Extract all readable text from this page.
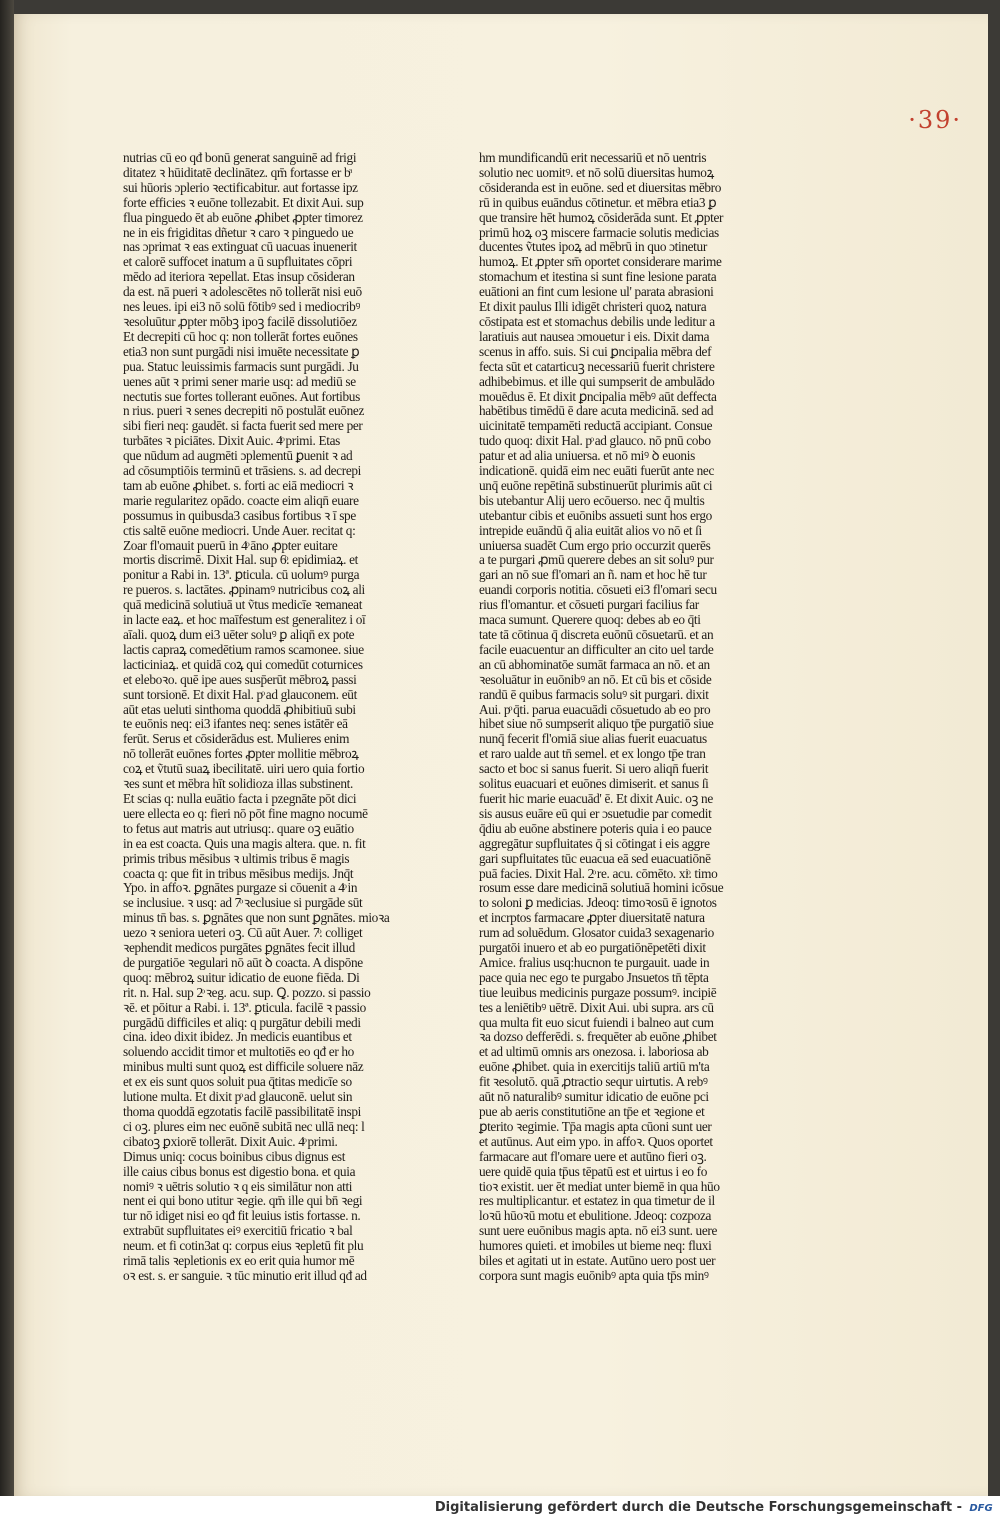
·39·
nutrias cū eo qđ bonū generat sanguinē ad frigi
ditatez ꝛ hūiditatē declinātez. qm̄ fortasse er bͣ
sui hūoris ɔplerio ꝛectificabitur. aut fortasse ipz
forte efficies ꝛ euōne tollezabit. Et dixit Aui. sup
flua pinguedo ēt ab euōne ꝓhibet ꝓpter timorez
ne in eis frigiditas dñetur ꝛ caro ꝛ pinguedo ue
nas ɔprimat ꝛ eas extinguat cū uacuas inuenerit
et calorē suffocet inatum a ū supfluitates cōpri
mēdo ad iteriora ꝛepellat. Etas insup cōsideran
da est. nā pueri ꝛ adolescētes nō tollerāt nisi euō
nes leues. ipi ei3 nō solū fōtibꝰ sed i mediocribꝰ
ꝛesoluūtur ꝓpter mōbꝫ ipoꝫ facilē dissolutiōez
Et decrepiti cū hoc q: non tollerāt fortes euōnes
etia3 non sunt purgādi nisi imuēte necessitate ꝑ
pua. Statuc leuissimis farmacis sunt purgādi. Ju
uenes aūt ꝛ primi sener marie usq: ad mediū se
nectutis sue fortes tollerant euōnes. Aut fortibus
n rius. pueri ꝛ senes decrepiti nō postulāt euōnez
sibi fieri neq: gaudēt. si facta fuerit sed mere per
turbātes ꝛ piciātes. Dixit Auic. 4ͦ primi. Etas
que nūdum ad augmēti ɔplementū ꝑuenit ꝛ ad
ad cōsumptiōis terminū et trāsiens. s. ad decrepi
tam ab euōne ꝓhibet. s. forti ac eiā mediocri ꝛ
marie regularitez opādo. coacte eim aliqn̄ euare
possumus in quibusda3 casibus fortibus ꝛ ī spe
ctis saltē euōne mediocri. Unde Auer. recitat q:
Zoar fl'omauit puerū in 4ͦ āno ꝓpter euitare
mortis discrimē. Dixit Hal. sup 6ͦ. epidimiaꝝ. et
ponitur a Rabi in. 13ª. ꝑticula. cū uolumꝰ purga
re pueros. s. lactātes. ꝓpinamꝰ nutricibus coꝝ ali
quā medicinā solutiuā ut ṽtus medicīe ꝛemaneat
in lacte eaꝝ. et hoc maīfestum est generalitez i oī
aīali. quoꝝ dum ei3 uēter soluꝰ ꝑ aliqn̄ ex pote
lactis capraꝝ comedētium ramos scamonee. siue
lacticiniaꝝ. et quidā coꝝ qui comedūt coturnices
et eleboꝛo. quē ipe aues susp̄erūt mēbroꝝ passi
sunt torsionē. Et dixit Hal. pͦ ad glauconem. eūt
aūt etas ueluti sinthoma quoddā ꝓhibitiuū subi
te euōnis neq: ei3 ifantes neq: senes istātēr eā
ferūt. Serus et cōsiderādus est. Mulieres enim
nō tollerāt euōnes fortes ꝓpter mollitie mēbroꝝ
coꝝ et ṽtutū suaꝝ ibecilitatē. uiri uero quia fortio
ꝛes sunt et mēbra hīt solidioza illas substinent.
Et scias q: nulla euātio facta i pzegnāte pōt dici
uere ellecta eo q: fieri nō pōt fine magno nocumē
to fetus aut matris aut utriusq:. quare oꝫ euātio
in ea est coacta. Quis una magis altera. que. n. fit
primis tribus mēsibus ꝛ ultimis tribus ē magis
coacta q: que fit in tribus mēsibus medijs. Jnq̄t
Ypo. in affoꝛ. ꝑgnātes purgaze si cōuenit a 4ͦ in
se inclusiue. ꝛ usq: ad 7ͦ ꝛeclusiue si purgāde sūt
minus tn̄ bas. s. ꝑgnātes que non sunt ꝑgnātes. mioꝛa
uezo ꝛ seniora ueteri oꝫ. Cū aūt Auer. 7ͦ. colliget
ꝛephendit medicos purgātes ꝑgnātes fecit illud
de purgatiōe ꝛegulari nō aūt ꝺ coacta. A dispōne
quoq: mēbroꝝ suitur idicatio de euone fiēda. Di
rit. n. Hal. sup 2ͦ ꝛeg. acu. sup. Ꝗ. pozzo. si passio
ꝛē. et pōitur a Rabi. i. 13ª. ꝑticula. facilē ꝛ passio
purgādū difficiles et aliq: q purgātur debili medi
cina. ideo dixit ibidez. Jn medicis euantibus et
soluendo accidit timor et multotiēs eo qđ er ho
minibus multi sunt quoꝝ est difficile soluere nāz
et ex eis sunt quos soluit pua q̄titas medicīe so
lutione multa. Et dixit pͦ ad glauconē. uelut sin
thoma quoddā egzotatis facilē passibilitatē inspi
ci oꝫ. plures eim nec euōnē subitā nec ullā neq: l
cibatoꝫ ꝑxiorē tollerāt. Dixit Auic. 4ͦ primi.
Dimus uniq: cocus boinibus cibus dignus est
ille caius cibus bonus est digestio bona. et quia
nomiꝰ ꝛ uētris solutio ꝛ q eis similātur non atti
nent ei qui bono utitur ꝛegie. qm̄ ille qui bn̄ ꝛegi
tur nō idiget nisi eo qđ fit leuius istis fortasse. n.
extrabūt supfluitates eiꝰ exercitiū fricatio ꝛ bal
neum. et fi cotin3at q: corpus eius ꝛepletū fit plu
rimā talis ꝛepletionis ex eo erit quia humor mē
oꝛ est. s. er sanguie. ꝛ tūc minutio erit illud qđ ad
hm mundificandū erit necessariū et nō uentris
solutio nec uomitꝰ. et nō solū diuersitas humoꝝ
cōsideranda est in euōne. sed et diuersitas mēbro
rū in quibus euāndus cōtinetur. et mēbra etia3 ꝑ
que transire hēt humoꝝ cōsiderāda sunt. Et ꝓpter
primū hoꝝ oꝫ miscere farmacie solutis medicias
ducentes ṽtutes ipoꝝ ad mēbrū in quo ɔtinetur
humoꝝ. Et ꝓpter sm̄ oportet considerare marime
stomachum et itestina si sunt fine lesione parata
euātioni an fint cum lesione ul' parata abrasioni
Et dixit paulus Illi idigēt christeri quoꝝ natura
cōstipata est et stomachus debilis unde leditur a
laratiuis aut nausea ɔmouetur i eis. Dixit dama
scenus in affo. suis. Si cui ꝑncipalia mēbra def
fecta sūt et catarticuꝫ necessariū fuerit christere
adhibebimus. et ille qui sumpserit de ambulādo
mouēdus ē. Et dixit ꝑncipalia mēbꝰ aūt deffecta
habētibus timēdū ē dare acuta medicinā. sed ad
uicinitatē tempamēti reductā accipiant. Consue
tudo quoq: dixit Hal. pͦ ad glauco. nō pnū cobo
patur et ad alia uniuersa. et nō miꝰ ꝺ euonis
indicationē. quidā eim nec euāti fuerūt ante nec
unq̄ euōne repētinā substinuerūt plurimis aūt ci
bis utebantur Alij uero ecōuerso. nec q̄ multis
utebantur cibis et euōnibs assueti sunt hos ergo
intrepide euāndū q̄ alia euitāt alios vo nō et ſi
uniuersa suadēt Cum ergo prio occurzit querēs
a te purgari ꝓmū querere debes an sit soluꝰ pur
gari an nō sue fl'omari an ñ. nam et hoc hē tur
euandi corporis notitia. cōsueti ei3 fl'omari secu
rius fl'omantur. et cōsueti purgari facilius far
maca sumunt. Querere quoq: debes ab eo q̄ti
tate tā cōtinua q̄ discreta euōnū cōsuetarū. et an
facile euacuentur an difficulter an cito uel tarde
an cū abhominatōe sumāt farmaca an nō. et an
ꝛesoluātur in euōnibꝰ an nō. Et cū bis et cōside
randū ē quibus farmacis soluꝰ sit purgari. dixit
Aui. pͦ q̄ti. parua euacuādi cōsuetudo ab eo pro
hibet siue nō sumpserit aliquo tp̄e purgatiō siue
nunq̄ fecerit fl'omiā siue alias fuerit euacuatus
et raro ualde aut tn̄ semel. et ex longo tp̄e tran
sacto et boc si sanus fuerit. Si uero aliqn̄ fuerit
solitus euacuari et euōnes dimiserit. et sanus ſi
fuerit hic marie euacuād' ē. Et dixit Auic. oꝫ ne
sis ausus euāre eū qui er ɔsuetudie par comedit
q̄diu ab euōne abstinere poteris quia i eo pauce
aggregātur supfluitates q̄ si cōtingat i eis aggre
gari supfluitates tūc euacua eā sed euacuatiōnē
puā facies. Dixit Hal. 2ͦ re. acu. cōmēto. xiͦ. timo
rosum esse dare medicinā solutiuā homini icōsue
to soloni ꝑ medicias. Jdeoq: timoꝛosū ē ignotos
et incrptos farmacare ꝓpter diuersitatē natura
rum ad soluēdum. Glosator cuida3 sexagenario
purgatōi inuero et ab eo purgatiōnēpetēti dixit
Amice. fralius usq:hucnon te purgauit. uade in
pace quia nec ego te purgabo Jnsuetos tn̄ tēpta
tiue leuibus medicinis purgaze possumꝰ. incipiē
tes a leniētibꝰ uētrē. Dixit Aui. ubi supra. ars cū
qua multa fit euo sicut fuiendi i balneo aut cum
ꝛa dozso defferēdi. s. frequēter ab euōne ꝓhibet
et ad ultimū omnis ars onezosa. i. laboriosa ab
euōne ꝓhibet. quia in exercitijs taliū artiū m'ta
fit ꝛesolutō. quā ꝓtractio sequr uirtutis. A rebꝰ
aūt nō naturalibꝰ sumitur idicatio de euōne pci
pue ab aeris constitutiōne an tp̄e et ꝛegione et
ꝑterito ꝛegimie. Tp̄a magis apta cūoni sunt uer
et autūnus. Aut eim ypo. in affoꝛ. Quos oportet
farmacare aut fl'omare uere et autūno fieri oꝫ.
uere quidē quia tp̄us tēpatū est et uirtus i eo fo
tioꝛ existit. uer ēt mediat unter biemē in qua hūo
res multiplicantur. et estatez in qua timetur de il
loꝛū hūoꝛū motu et ebulitione. Jdeoq: cozpoza
sunt uere euōnibus magis apta. nō ei3 sunt. uere
humores quieti. et imobiles ut bieme neq: fluxi
biles et agitati ut in estate. Autūno uero post uer
corpora sunt magis euōnibꝰ apta quia tp̄s minꝰ
Digitalisierung gefördert durch die Deutsche Forschungsgemeinschaft - DFG
